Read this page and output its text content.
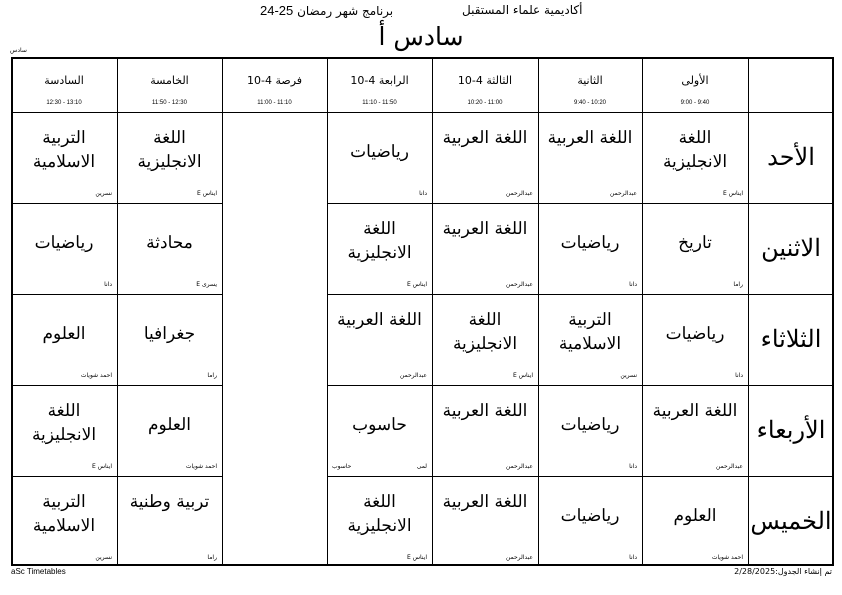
أكاديمية علماء المستقبل
24-25 برنامج شهر رمضان
سادس أ
سادس
الأولى
9:00 - 9:40
الثانية
9:40 - 10:20
الثالثة 4-10
10:20 - 11:00
الرابعة 4-10
11:10 - 11:50
فرصة 4-10
11:00 - 11:10
الخامسة
11:50 - 12:30
السادسة
12:30 - 13:10
الأحد
الاثنين
الثلاثاء
الأربعاء
الخميس
اللغة الانجليزية
E ايناس
اللغة العربية
عبدالرحمن
اللغة العربية
عبدالرحمن
رياضيات
دانا
اللغة الانجليزية
E ايناس
التربية الاسلامية
نسرين
تاريخ
راما
رياضيات
دانا
اللغة العربية
عبدالرحمن
اللغة الانجليزية
E ايناس
محادثة
E يسرى
رياضيات
دانا
رياضيات
دانا
التربية الاسلامية
نسرين
اللغة الانجليزية
E ايناس
اللغة العربية
عبدالرحمن
جغرافيا
راما
العلوم
احمد شويات
اللغة العربية
عبدالرحمن
رياضيات
دانا
اللغة العربية
عبدالرحمن
حاسوب
لمى
حاسوب
العلوم
احمد شويات
اللغة الانجليزية
E ايناس
العلوم
احمد شويات
رياضيات
دانا
اللغة العربية
عبدالرحمن
اللغة الانجليزية
E ايناس
تربية وطنية
راما
التربية الاسلامية
نسرين
aSc Timetables	تم إنشاء الجدول:2/28/2025
